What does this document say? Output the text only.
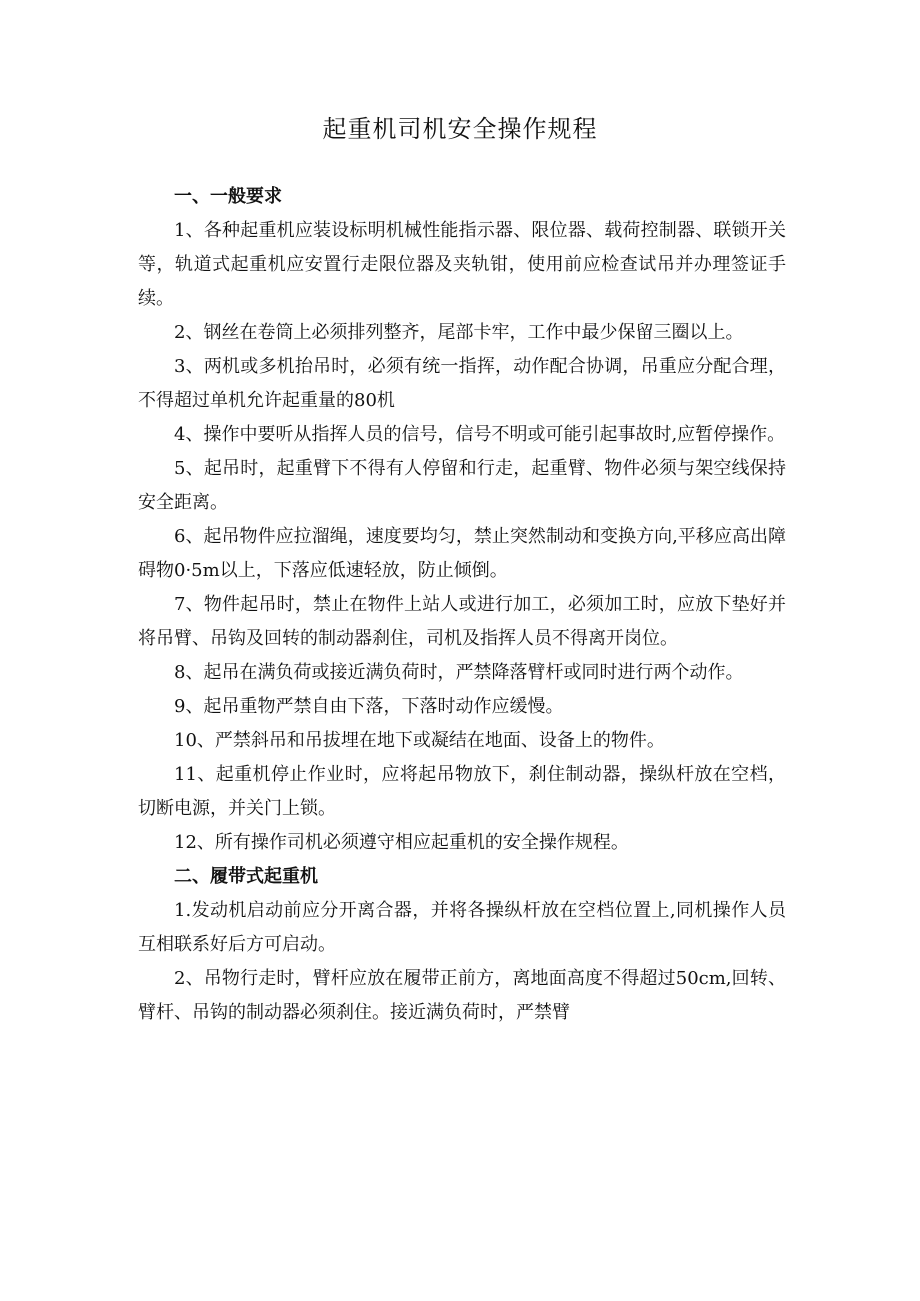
起重机司机安全操作规程

一、一般要求

1、各种起重机应装设标明机械性能指示器、限位器、载荷控制器、联锁开关等，轨道式起重机应安置行走限位器及夹轨钳，使用前应检查试吊并办理签证手续。

2、钢丝在卷筒上必须排列整齐，尾部卡牢，工作中最少保留三圈以上。

3、两机或多机抬吊时，必须有统一指挥，动作配合协调，吊重应分配合理，不得超过单机允许起重量的80机

4、操作中要听从指挥人员的信号，信号不明或可能引起事故时,应暂停操作。

5、起吊时，起重臂下不得有人停留和行走，起重臂、物件必须与架空线保持安全距离。

6、起吊物件应拉溜绳，速度要均匀，禁止突然制动和变换方向,平移应高出障碍物0·5m以上，下落应低速轻放，防止倾倒。

7、物件起吊时，禁止在物件上站人或进行加工，必须加工时，应放下垫好并将吊臂、吊钩及回转的制动器刹住，司机及指挥人员不得离开岗位。

8、起吊在满负荷或接近满负荷时，严禁降落臂杆或同时进行两个动作。

9、起吊重物严禁自由下落，下落时动作应缓慢。

10、严禁斜吊和吊拔埋在地下或凝结在地面、设备上的物件。

11、起重机停止作业时，应将起吊物放下，刹住制动器，操纵杆放在空档，切断电源，并关门上锁。

12、所有操作司机必须遵守相应起重机的安全操作规程。

二、履带式起重机

1.发动机启动前应分开离合器，并将各操纵杆放在空档位置上,同机操作人员互相联系好后方可启动。

2、吊物行走时，臂杆应放在履带正前方，离地面高度不得超过50cm,回转、臂杆、吊钩的制动器必须刹住。接近满负荷时，严禁臂
